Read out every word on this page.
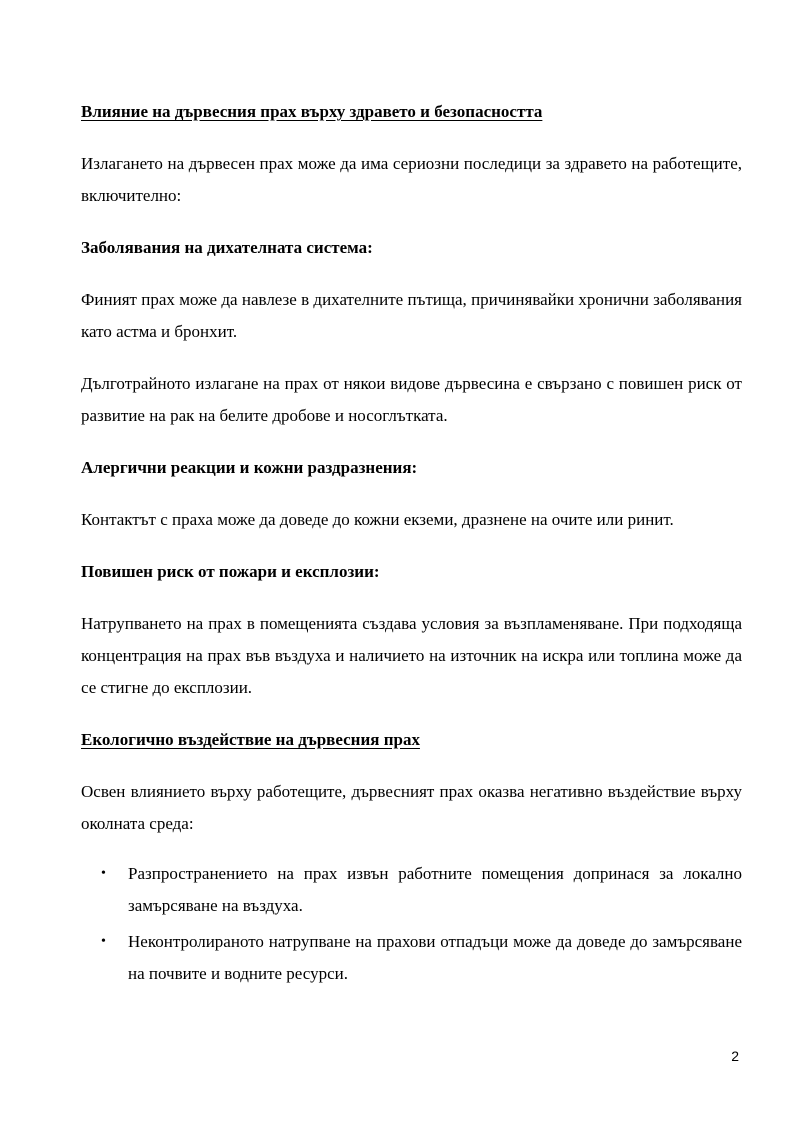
Влияние на дървесния прах върху здравето и безопасността

Излагането на дървесен прах може да има сериозни последици за здравето на работещите, включително:

Заболявания на дихателната система:

Финият прах може да навлезе в дихателните пътища, причинявайки хронични заболявания като астма и бронхит.

Дълготрайното излагане на прах от някои видове дървесина е свързано с повишен риск от развитие на рак на белите дробове и носоглътката.

Алергични реакции и кожни раздразнения:

Контактът с праха може да доведе до кожни екземи, дразнене на очите или ринит.

Повишен риск от пожари и експлозии:

Натрупването на прах в помещенията създава условия за възпламеняване. При подходяща концентрация на прах във въздуха и наличието на източник на искра или топлина може да се стигне до експлозии.

Екологично въздействие на дървесния прах

Освен влиянието върху работещите, дървесният прах оказва негативно въздействие върху околната среда:

• Разпространението на прах извън работните помещения допринася за локално замърсяване на въздуха.
• Неконтролираното натрупване на прахови отпадъци може да доведе до замърсяване на почвите и водните ресурси.
2
